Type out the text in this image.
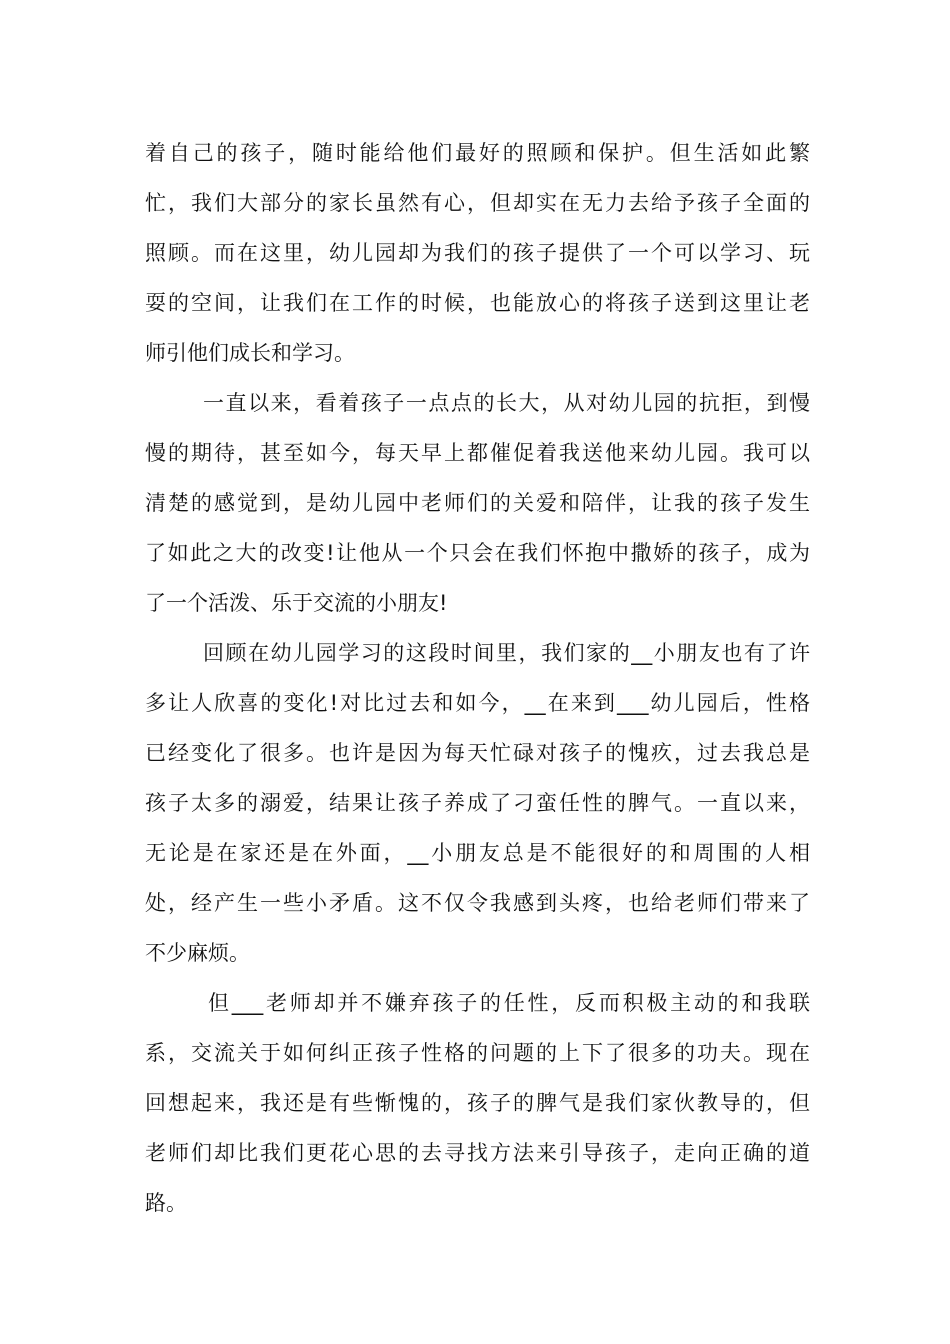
着自己的孩子，随时能给他们最好的照顾和保护。但生活如此繁
忙，我们大部分的家长虽然有心，但却实在无力去给予孩子全面的
照顾。而在这里，幼儿园却为我们的孩子提供了一个可以学习、玩
耍的空间，让我们在工作的时候，也能放心的将孩子送到这里让老
师引他们成长和学习。
一直以来，看着孩子一点点的长大，从对幼儿园的抗拒，到慢
慢的期待，甚至如今，每天早上都催促着我送他来幼儿园。我可以
清楚的感觉到，是幼儿园中老师们的关爱和陪伴，让我的孩子发生
了如此之大的改变!让他从一个只会在我们怀抱中撒娇的孩子，成为
了一个活泼、乐于交流的小朋友!
回顾在幼儿园学习的这段时间里，我们家的__小朋友也有了许
多让人欣喜的变化!对比过去和如今，__在来到___幼儿园后，性格
已经变化了很多。也许是因为每天忙碌对孩子的愧疚，过去我总是
孩子太多的溺爱，结果让孩子养成了刁蛮任性的脾气。一直以来，
无论是在家还是在外面，__小朋友总是不能很好的和周围的人相
处，经产生一些小矛盾。这不仅令我感到头疼，也给老师们带来了
不少麻烦。
但___老师却并不嫌弃孩子的任性，反而积极主动的和我联
系，交流关于如何纠正孩子性格的问题的上下了很多的功夫。现在
回想起来，我还是有些惭愧的，孩子的脾气是我们家伙教导的，但
老师们却比我们更花心思的去寻找方法来引导孩子，走向正确的道
路。
